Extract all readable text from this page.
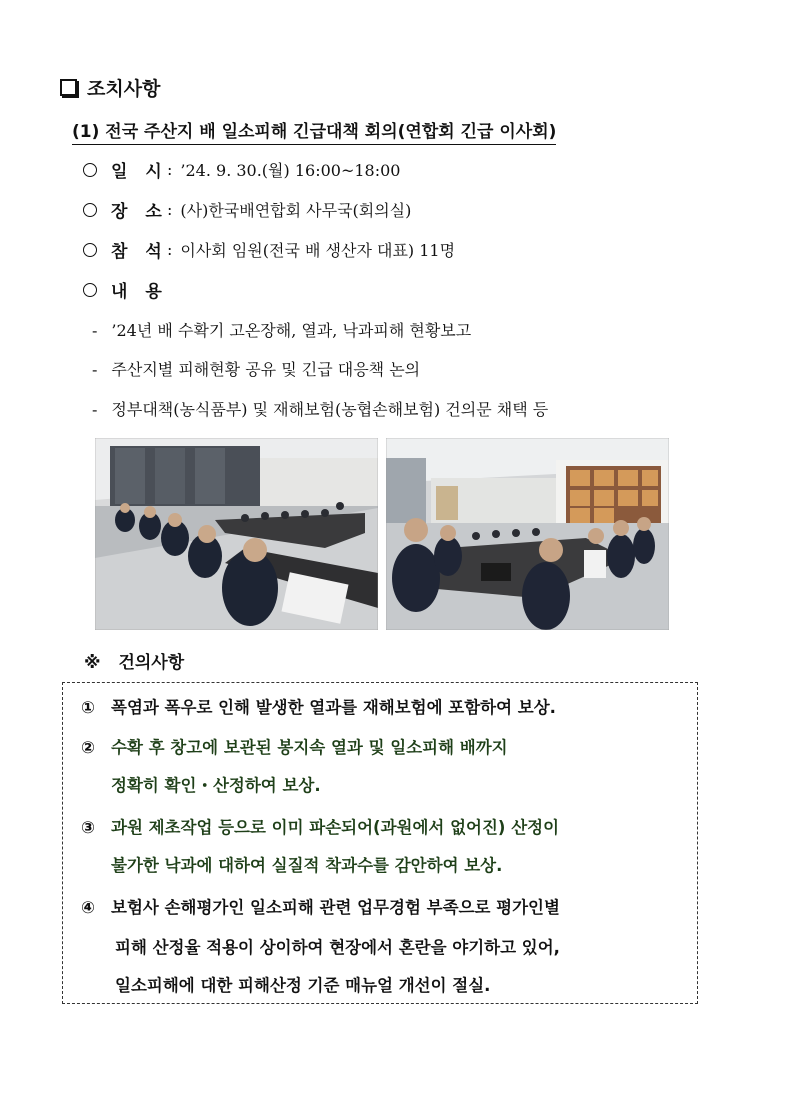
조치사항
(1) 전국 주산지 배 일소피해 긴급대책 회의(연합회 긴급 이사회)
일 시 : ’24. 9. 30.(월) 16:00~18:00
장 소 : (사)한국배연합회 사무국(회의실)
참 석 : 이사회 임원(전국 배 생산자 대표) 11명
내 용
- ’24년 배 수확기 고온장해, 열과, 낙과피해 현황보고
- 주산지별 피해현황 공유 및 긴급 대응책 논의
- 정부대책(농식품부) 및 재해보험(농협손해보험) 건의문 채택 등
※ 건의사항
① 폭염과 폭우로 인해 발생한 열과를 재해보험에 포함하여 보상.
② 수확 후 창고에 보관된 봉지속 열과 및 일소피해 배까지
정확히 확인・산정하여 보상.
③ 과원 제초작업 등으로 이미 파손되어(과원에서 없어진) 산정이
불가한 낙과에 대하여 실질적 착과수를 감안하여 보상.
④ 보험사 손해평가인 일소피해 관련 업무경험 부족으로 평가인별
피해 산정율 적용이 상이하여 현장에서 혼란을 야기하고 있어,
일소피해에 대한 피해산정 기준 매뉴얼 개선이 절실.
